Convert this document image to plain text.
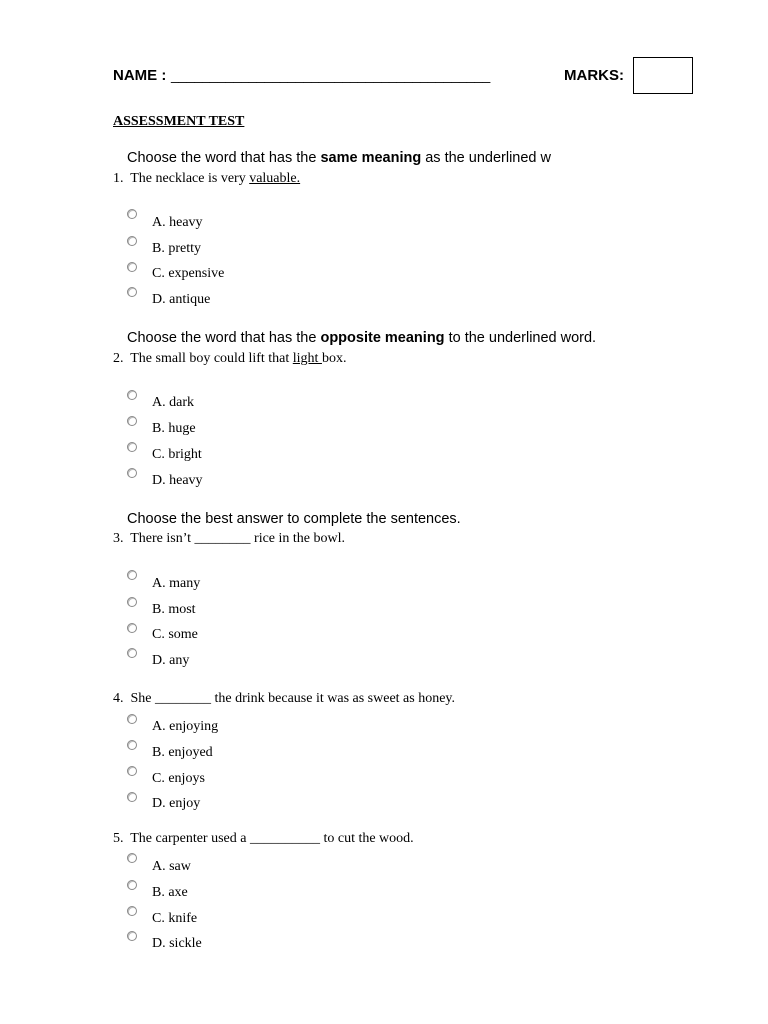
NAME : _________________________________________	MARKS:
ASSESSMENT TEST
Choose the word that has the same meaning as the underlined w
1. The necklace is very valuable.
A. heavy
B. pretty
C. expensive
D. antique
Choose the word that has the opposite meaning to the underlined word.
2. The small boy could lift that light box.
A. dark
B. huge
C. bright
D. heavy
Choose the best answer to complete the sentences.
3. There isn’t ________ rice in the bowl.
A. many
B. most
C. some
D. any
4. She ________ the drink because it was as sweet as honey.
A. enjoying
B. enjoyed
C. enjoys
D. enjoy
5. The carpenter used a __________ to cut the wood.
A. saw
B. axe
C. knife
D. sickle
